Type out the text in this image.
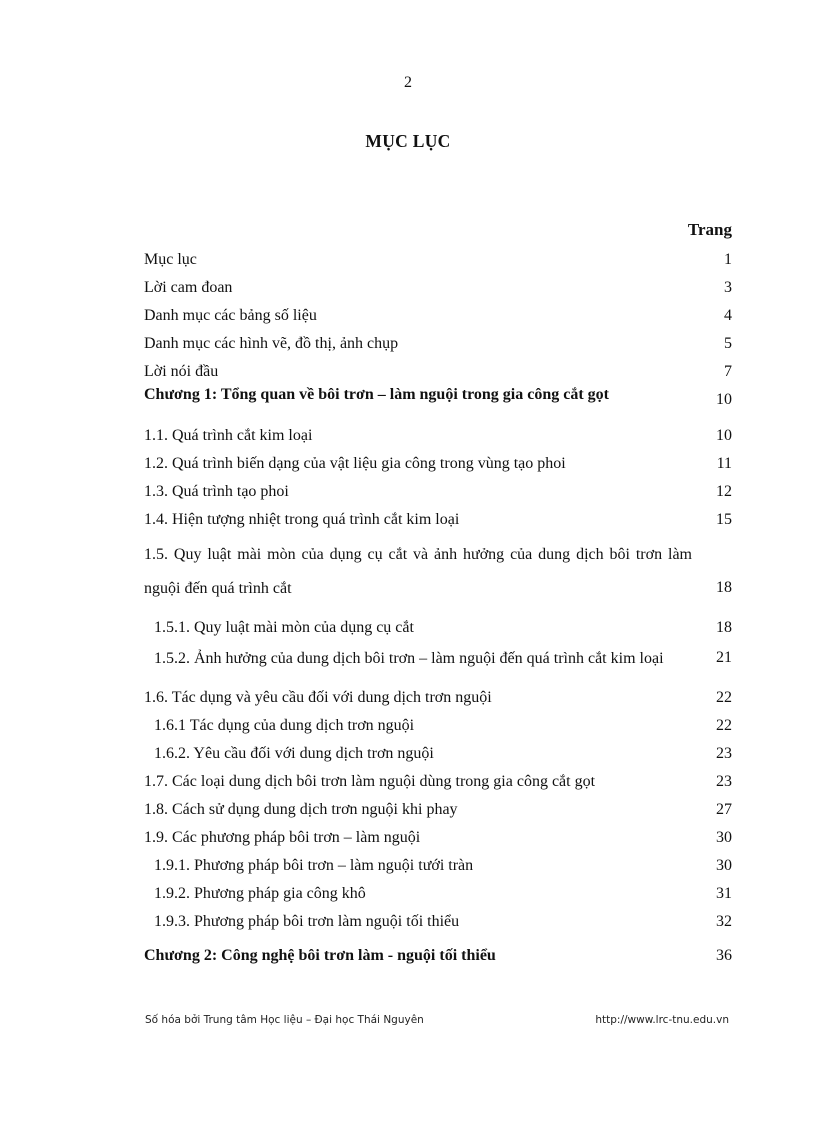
2
MỤC LỤC
Trang
Mục lục	1
Lời cam đoan	3
Danh mục các bảng số liệu	4
Danh mục các hình vẽ, đồ thị, ảnh chụp	5
Lời nói đầu	7
Chương 1: Tổng quan về bôi trơn – làm nguội trong gia công cắt gọt	10
1.1. Quá trình cắt kim loại	10
1.2. Quá trình biến dạng của vật liệu gia công trong vùng tạo phoi	11
1.3. Quá trình tạo phoi	12
1.4. Hiện tượng nhiệt trong quá trình cắt kim loại	15
1.5. Quy luật mài mòn của dụng cụ cắt và ảnh hưởng của dung dịch bôi trơn làm nguội đến quá trình cắt	18
1.5.1. Quy luật mài mòn của dụng cụ cắt	18
1.5.2. Ảnh hưởng của dung dịch bôi trơn – làm nguội đến quá trình cắt kim loại	21
1.6. Tác dụng và yêu cầu đối với dung dịch trơn nguội	22
1.6.1 Tác dụng của dung dịch trơn nguội	22
1.6.2. Yêu cầu đối với dung dịch trơn nguội	23
1.7. Các loại dung dịch bôi trơn làm nguội dùng trong gia công cắt gọt	23
1.8. Cách sử dụng dung dịch trơn nguội khi phay	27
1.9. Các phương pháp bôi trơn – làm nguội	30
1.9.1. Phương pháp bôi trơn – làm nguội tưới tràn	30
1.9.2. Phương pháp gia công khô	31
1.9.3. Phương pháp bôi trơn làm nguội tối thiểu	32
Chương 2: Công nghệ bôi trơn làm - nguội tối thiểu	36
Số hóa bởi Trung tâm Học liệu – Đại học Thái Nguyên	http://www.lrc-tnu.edu.vn
